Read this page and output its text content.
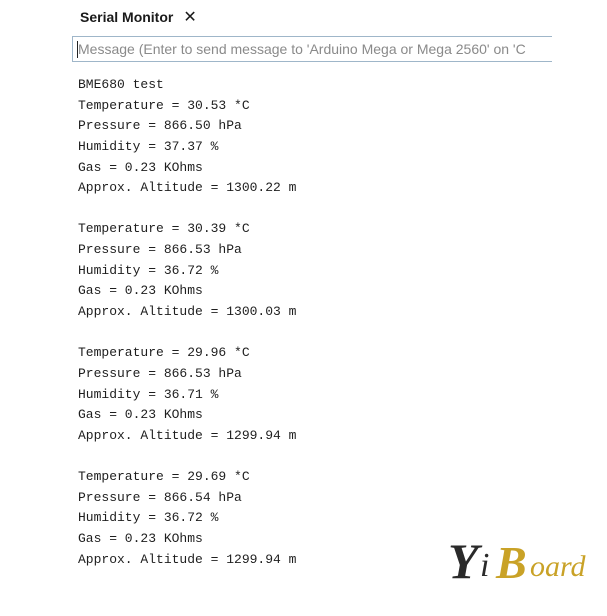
Serial Monitor ✕
Message (Enter to send message to 'Arduino Mega or Mega 2560' on 'C
BME680 test
Temperature = 30.53 *C
Pressure = 866.50 hPa
Humidity = 37.37 %
Gas = 0.23 KOhms
Approx. Altitude = 1300.22 m
Temperature = 30.39 *C
Pressure = 866.53 hPa
Humidity = 36.72 %
Gas = 0.23 KOhms
Approx. Altitude = 1300.03 m
Temperature = 29.96 *C
Pressure = 866.53 hPa
Humidity = 36.71 %
Gas = 0.23 KOhms
Approx. Altitude = 1299.94 m
Temperature = 29.69 *C
Pressure = 866.54 hPa
Humidity = 36.72 %
Gas = 0.23 KOhms
Approx. Altitude = 1299.94 m	Y i B oard
